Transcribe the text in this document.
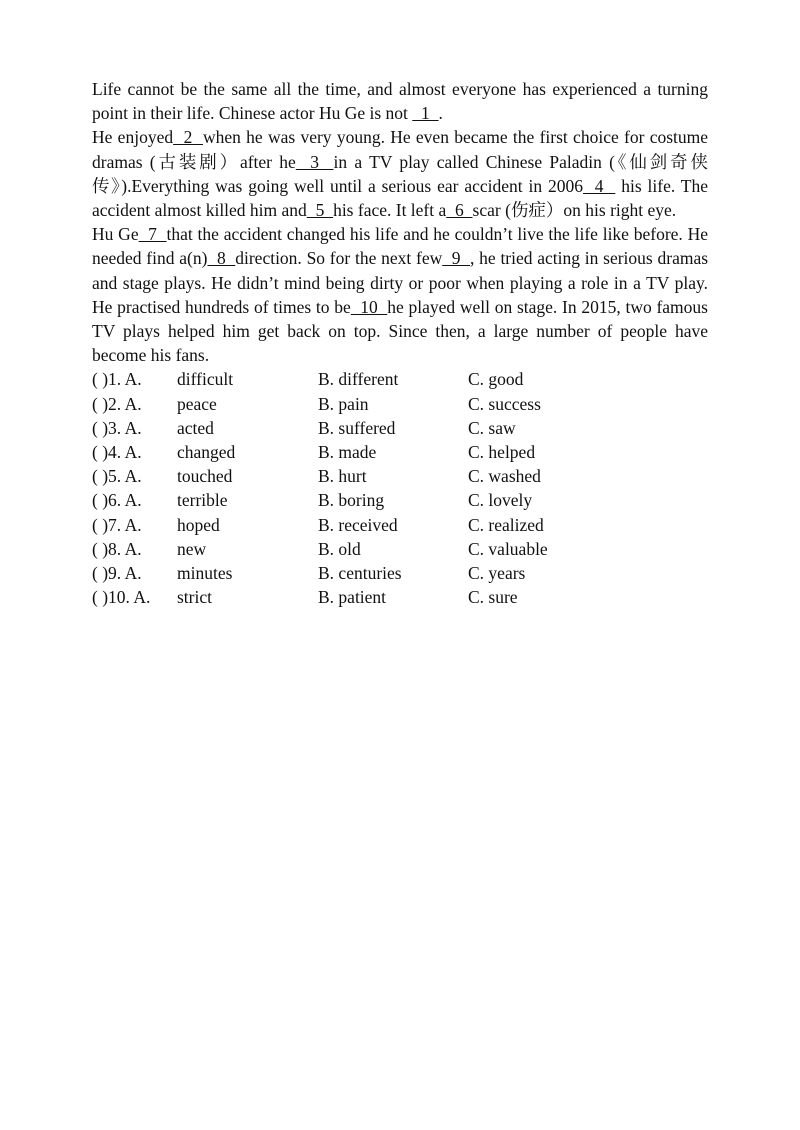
Life cannot be the same all the time, and almost everyone has experienced a turning point in their life. Chinese actor Hu Ge is not   1  .

He enjoyed  2  when he was very young. He even became the first choice for costume dramas (古装剧）after he  3  in a TV play called Chinese Paladin (《仙剑奇侠传》).Everything was going well until a serious ear accident in 2006  4   his life. The accident almost killed him and  5  his face. It left a  6  scar (伤症）on his right eye.

Hu Ge  7  that the accident changed his life and he couldn’t live the life like before. He needed find a(n)  8  direction. So for the next few  9  , he tried acting in serious dramas and stage plays. He didn’t mind being dirty or poor when playing a role in a TV play. He practised hundreds of times to be  10  he played well on stage. In 2015, two famous TV plays helped him get back on top. Since then, a large number of people have become his fans.

( )1. A. difficult	B. different	C. good
( )2. A. peace	B. pain	C. success
( )3. A. acted	B. suffered	C. saw
( )4. A. changed	B. made	C. helped
( )5. A. touched	B. hurt	C. washed
( )6. A. terrible	B. boring	C. lovely
( )7. A. hoped	B. received	C. realized
( )8. A. new	B. old	C. valuable
( )9. A. minutes	B. centuries	C. years
( )10. A. strict	B. patient	C. sure
